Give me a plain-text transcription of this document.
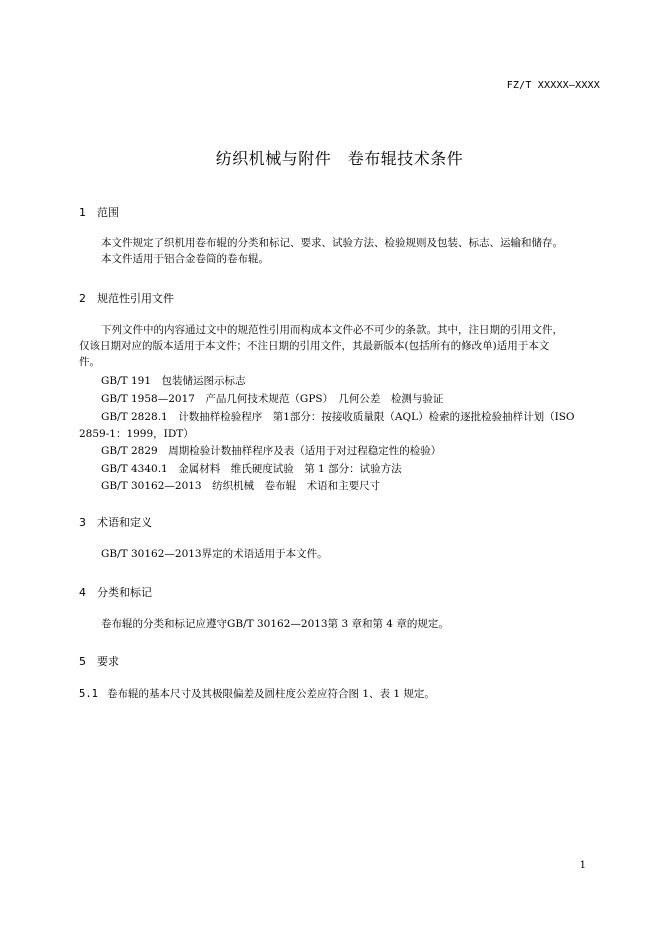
FZ/T XXXXX—XXXX
纺织机械与附件　卷布辊技术条件
1 范围
本文件规定了织机用卷布辊的分类和标记、要求、试验方法、检验规则及包装、标志、运输和储存。
本文件适用于铝合金卷筒的卷布辊。
2 规范性引用文件
下列文件中的内容通过文中的规范性引用而构成本文件必不可少的条款。其中，注日期的引用文件，
仅该日期对应的版本适用于本文件；不注日期的引用文件，其最新版本(包括所有的修改单)适用于本文
件。
GB/T 191　包装储运图示标志
GB/T 1958—2017　产品几何技术规范（GPS）　几何公差　检测与验证
GB/T 2828.1　计数抽样检验程序　第1部分：按接收质量限（AQL）检索的逐批检验抽样计划（ISO
2859-1：1999，IDT）
GB/T 2829　周期检验计数抽样程序及表（适用于对过程稳定性的检验）
GB/T 4340.1　金属材料　维氏硬度试验　第 1 部分：试验方法
GB/T 30162—2013　纺织机械　卷布辊　术语和主要尺寸
3 术语和定义
GB/T 30162—2013界定的术语适用于本文件。
4 分类和标记
卷布辊的分类和标记应遵守GB/T 30162—2013第 3 章和第 4 章的规定。
5 要求
5.1 卷布辊的基本尺寸及其极限偏差及圆柱度公差应符合图 1、表 1 规定。
1
